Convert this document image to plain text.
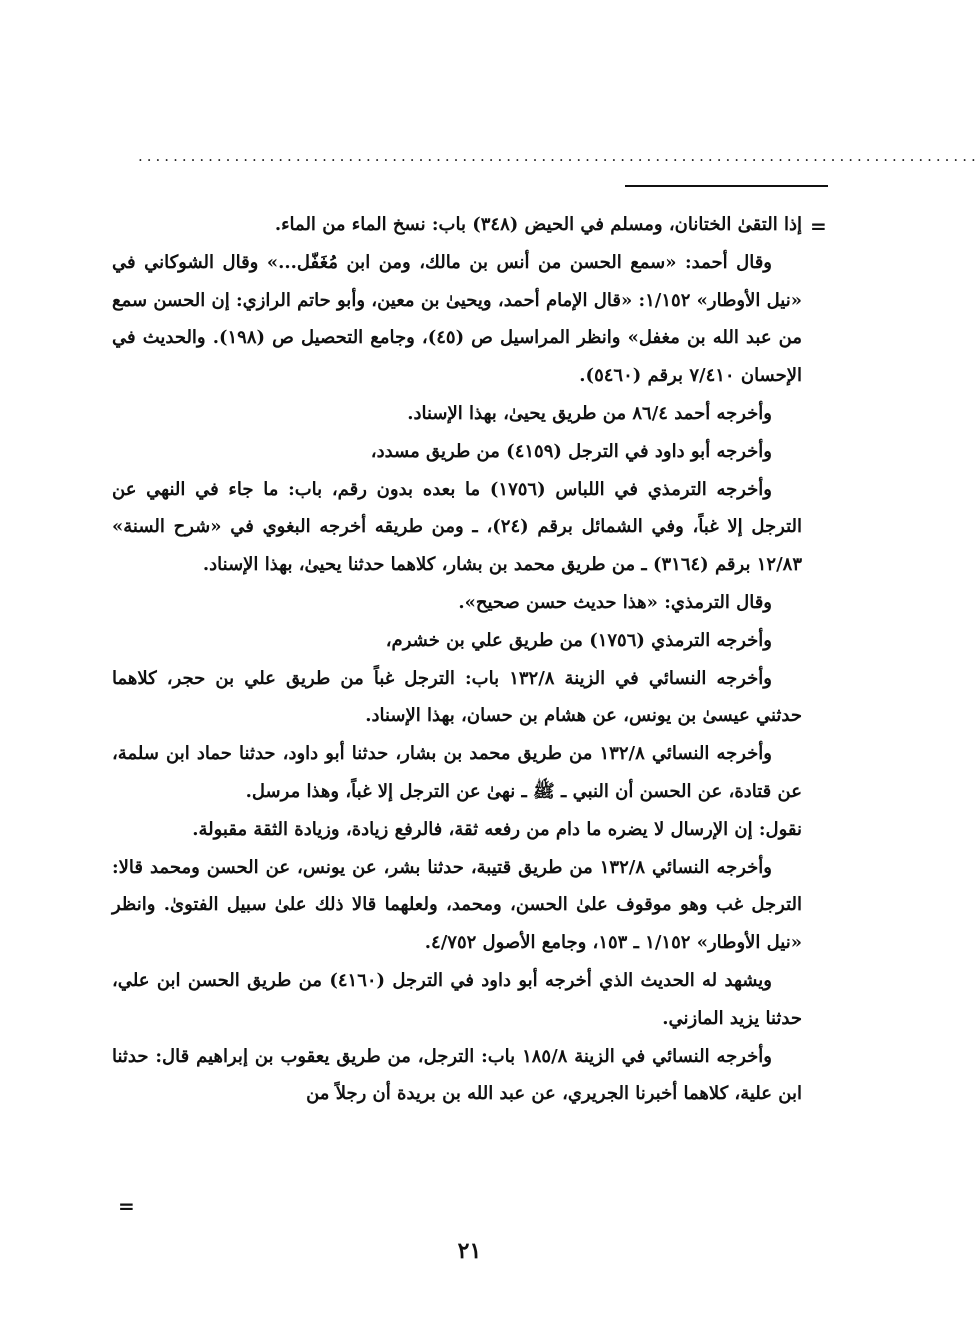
................................................................................................
=

إذا التقىٰ الختانان، ومسلم في الحيض (٣٤٨) باب: نسخ الماء من الماء.

وقال أحمد: «سمع الحسن من أنس بن مالك، ومن ابن مُغَفّل...» وقال الشوكاني في «نيل الأوطار» ١/١٥٢: «قال الإمام أحمد، ويحيىٰ بن معين، وأبو حاتم الرازي: إن الحسن سمع من عبد الله بن مغفل» وانظر المراسيل ص (٤٥)، وجامع التحصيل ص (١٩٨). والحديث في الإحسان ٧/٤١٠ برقم (٥٤٦٠).

وأخرجه أحمد ٨٦/٤ من طريق يحيىٰ، بهذا الإسناد.

وأخرجه أبو داود في الترجل (٤١٥٩) من طريق مسدد،

وأخرجه الترمذي في اللباس (١٧٥٦) ما بعده بدون رقم، باب: ما جاء في النهي عن الترجل إلا غباً، وفي الشمائل برقم (٢٤)، ـ ومن طريقه أخرجه البغوي في «شرح السنة» ١٢/٨٣ برقم (٣١٦٤) ـ من طريق محمد بن بشار، كلاهما حدثنا يحيىٰ، بهذا الإسناد.

وقال الترمذي: «هذا حديث حسن صحيح».

وأخرجه الترمذي (١٧٥٦) من طريق علي بن خشرم،

وأخرجه النسائي في الزينة ١٣٢/٨ باب: الترجل غباً من طريق علي بن حجر، كلاهما حدثني عيسىٰ بن يونس، عن هشام بن حسان، بهذا الإسناد.

وأخرجه النسائي ١٣٢/٨ من طريق محمد بن بشار، حدثنا أبو داود، حدثنا حماد ابن سلمة، عن قتادة، عن الحسن أن النبي ـ ﷺ ـ نهىٰ عن الترجل إلا غباً، وهذا مرسل.

نقول: إن الإرسال لا يضره ما دام من رفعه ثقة، فالرفع زيادة، وزيادة الثقة مقبولة.

وأخرجه النسائي ١٣٢/٨ من طريق قتيبة، حدثنا بشر، عن يونس، عن الحسن ومحمد قالا: الترجل غب وهو موقوف علىٰ الحسن، ومحمد، ولعلهما قالا ذلك علىٰ سبيل الفتوىٰ. وانظر «نيل الأوطار» ١/١٥٢ ـ ١٥٣، وجامع الأصول ٤/٧٥٢.

ويشهد له الحديث الذي أخرجه أبو داود في الترجل (٤١٦٠) من طريق الحسن ابن علي، حدثنا يزيد المازني.

وأخرجه النسائي في الزينة ١٨٥/٨ باب: الترجل، من طريق يعقوب بن إبراهيم قال: حدثنا ابن علية، كلاهما أخبرنا الجريري، عن عبد الله بن بريدة أن رجلاً من

=
٢١
